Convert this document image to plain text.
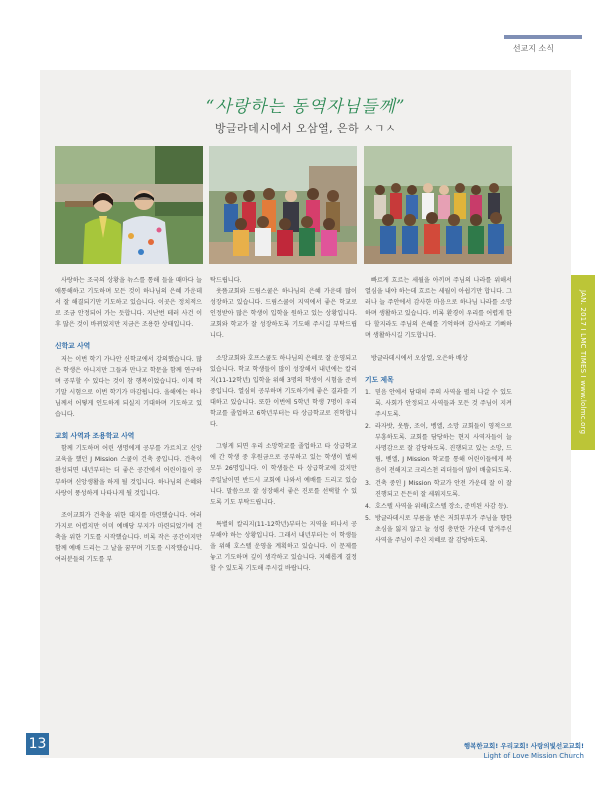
선교지 소식
JAN. 2017 I LMC TIMES I www.lolmc.org
“사랑하는 동역자님들께”
방글라데시에서 오삼열, 은하 ㅅㄱㅅ

사랑하는 조국의 상황을 뉴스를 통해 들을 때마다 늘 애통해하고 기도하며 모든 것이 하나님의 은혜 가운데서 잘 해결되기만 기도하고 있습니다. 이곳은 정치적으로 조금 안정되어 가는 듯합니다. 지난번 테러 사건 이후 많은 것이 바뀌었지만 지금은 조용한 상태입니다.

신학교 사역

저는 이번 학기 가나안 신학교에서 강의했습니다. 많은 학생은 아니지만 그들과 만나고 학문을 함께 연구하며 공부할 수 있다는 것이 참 행복이었습니다. 이제 학기말 시험으로 이번 학기가 마감됩니다. 올해에는 하나님께서 어떻게 인도하게 되실지 기대하며 기도하고 있습니다.

교회 사역과 조용학교 사역

함께 기도하며 어린 생명에게 공부를 가르치고 신앙교육을 했던 J Mission 스쿨이 건축 중입니다. 건축이 완성되면 내년부터는 더 좋은 공간에서 어린이들이 공부하며 신앙생활을 하게 될 것입니다. 하나님의 은혜와 사랑이 풍성하게 나타나게 될 것입니다.

조이교회가 건축을 위한 대지를 마련했습니다. 여러 가지로 어렵지만 이미 예배당 부지가 마련되었기에 건축을 위한 기도를 시작했습니다. 비록 작은 공간이지만 함께 예배 드리는 그 날을 꿈꾸며 기도를 시작했습니다. 여러분들의 기도를 부

탁드립니다.

웃뜸교회와 드림스쿨은 하나님의 은혜 가운데 많이 성장하고 있습니다. 드림스쿨이 지역에서 좋은 학교로 인정받아 많은 학생이 입학을 원하고 있는 상황입니다. 교회와 학교가 잘 성장하도록 기도해 주시길 부탁드립니다.

소망교회와 호프스쿨도 하나님의 은혜로 잘 운영되고 있습니다. 학교 학생들이 많이 성장해서 내년에는 칼리지(11-12학년) 입학을 위해 3명의 학생이 시험을 준비 중입니다. 열심히 공부하며 기도하기에 좋은 결과를 기대하고 있습니다. 또한 이번에 5학년 학생 7명이 우리 학교를 졸업하고 6학년부터는 타 상급학교로 진학합니다.

그렇게 되면 우리 소망학교를 졸업하고 타 상급학교에 간 학생 중 후원금으로 공부하고 있는 학생이 벌써 모두 26명입니다. 이 학생들은 타 상급학교에 갔지만 주일날이면 반드시 교회에 나와서 예배를 드리고 있습니다. 말씀으로 잘 성장해서 좋은 진로를 선택할 수 있도록 기도 부탁드립니다.

특별히 칼리지(11-12학년)부터는 지역을 떠나서 공부해야 하는 상황입니다. 그래서 내년부터는 이 학생들을 위해 호스텔 운영을 계획하고 있습니다. 이 문제를 놓고 기도하며 깊이 생각하고 있습니다. 지혜롭게 결정할 수 있도록 기도해 주시길 바랍니다.

빠르게 흐르는 세월을 아끼며 주님의 나라를 위해서 열심을 내야 하는데 흐르는 세월이 아쉽기만 합니다. 그러나 늘 주안에서 감사한 마음으로 하나님 나라를 소망하며 생활하고 있습니다. 비록 환경이 우리를 어렵게 한다 할지라도 주님의 은혜를 기억하며 감사하고 기뻐하며 생활하시길 기도합니다.

방글라데시에서 오삼열, 오은하 배상

기도 제목
1. 믿음 안에서 담대히 주의 사역을 펼쳐 나갈 수 있도록. 사회가 안정되고 사역들과 모든 것 주님이 지켜주시도록.
2. 라자밧, 웃뜸, 조이, 벵엘, 소망 교회들이 영적으로 부흥하도록. 교회를 담당하는 현지 사역자들이 늘 사명감으로 잘 감당하도록. 진행되고 있는 소망, 드림, 벧엘, J Mission 학교를 통해 어린이들에게 복음이 전해지고 크리스천 리더들이 많이 배출되도록.
3. 건축 중인 J Mission 학교가 안전 가운데 잘 이 잘 진행되고 든든히 잘 세워지도록.
4. 호스텔 사역을 위해(호스텔 장소, 준비된 사감 등).
5. 방글라데시로 부름을 받은 저희부부가 주님을 향한 초심을 잃지 않고 늘 성령 충만한 가운데 맡겨주신 사역을 주님이 주신 지혜로 잘 감당하도록.
13	행복한교회! 우리교회! 사랑의빛선교교회!
Light of Love Mission Church
